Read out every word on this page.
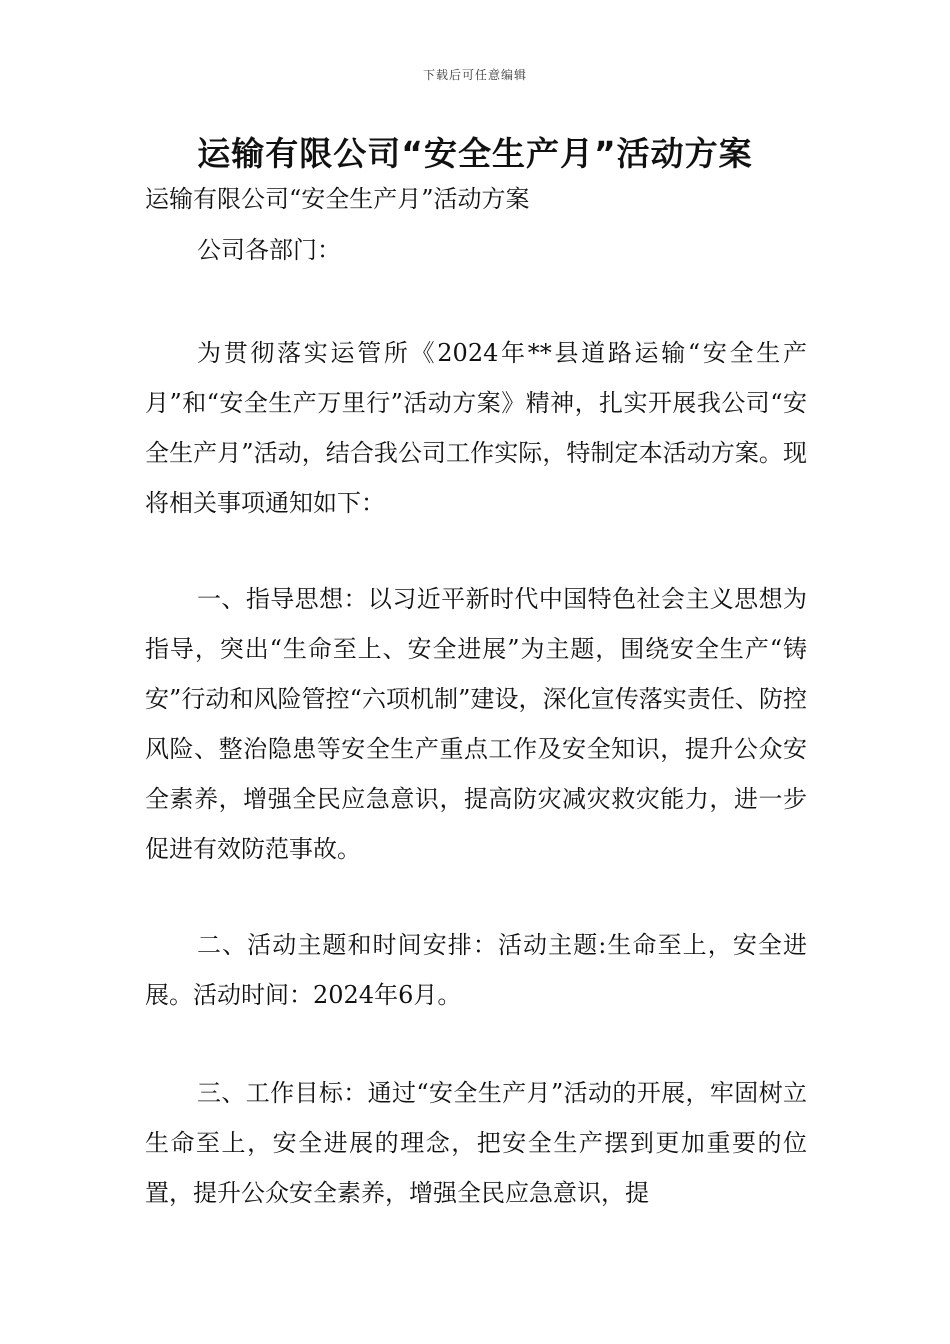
下载后可任意编辑
运输有限公司“安全生产月”活动方案
运输有限公司“安全生产月”活动方案
公司各部门：
为贯彻落实运管所《2024年**县道路运输“安全生产月”和“安全生产万里行”活动方案》精神，扎实开展我公司“安全生产月”活动，结合我公司工作实际，特制定本活动方案。现将相关事项通知如下：
一、指导思想：以习近平新时代中国特色社会主义思想为指导，突出“生命至上、安全进展”为主题，围绕安全生产“铸安”行动和风险管控“六项机制”建设，深化宣传落实责任、防控风险、整治隐患等安全生产重点工作及安全知识，提升公众安全素养，增强全民应急意识，提高防灾减灾救灾能力，进一步促进有效防范事故。
二、活动主题和时间安排：活动主题:生命至上，安全进展。活动时间：2024年6月。
三、工作目标：通过“安全生产月”活动的开展，牢固树立生命至上，安全进展的理念，把安全生产摆到更加重要的位置，提升公众安全素养，增强全民应急意识，提
